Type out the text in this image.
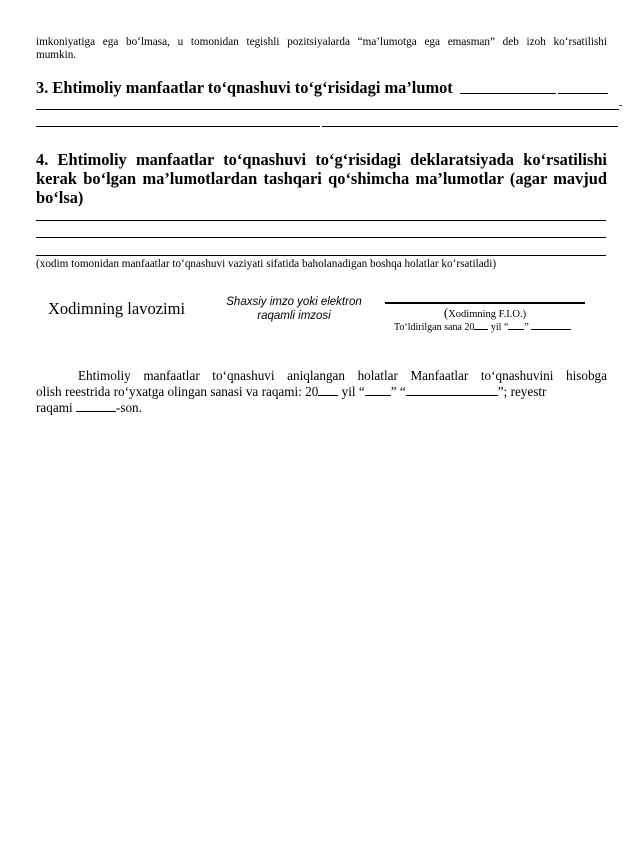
imkoniyatiga ega bo‘lmasa, u tomonidan tegishli pozitsiyalarda “ma’lumotga ega emasman” deb izoh ko‘rsatilishi
mumkin.
3. Ehtimoliy manfaatlar to‘qnashuvi to‘g‘risidagi ma’lumot
-
4. Ehtimoliy manfaatlar to‘qnashuvi to‘g‘risidagi deklaratsiyada ko‘rsatilishi
kerak bo‘lgan ma’lumotlardan tashqari qo‘shimcha ma’lumotlar (agar mavjud
bo‘lsa)
(xodim tomonidan manfaatlar to‘qnashuvi vaziyati sifatida baholanadigan boshqa holatlar ko‘rsatiladi)
Xodimning lavozimi	Shaxsiy imzo yoki elektron
raqamli imzosi	(Xodimning F.I.O.)
To‘ldirilgan sana 20 yil “ ”
Ehtimoliy manfaatlar to‘qnashuvi aniqlangan holatlar Manfaatlar to‘qnashuvini hisobga
olish reestrida ro‘yxatga olingan sanasi va raqami: 20 yil “ ” “	”; reyestr
raqami	-son.
